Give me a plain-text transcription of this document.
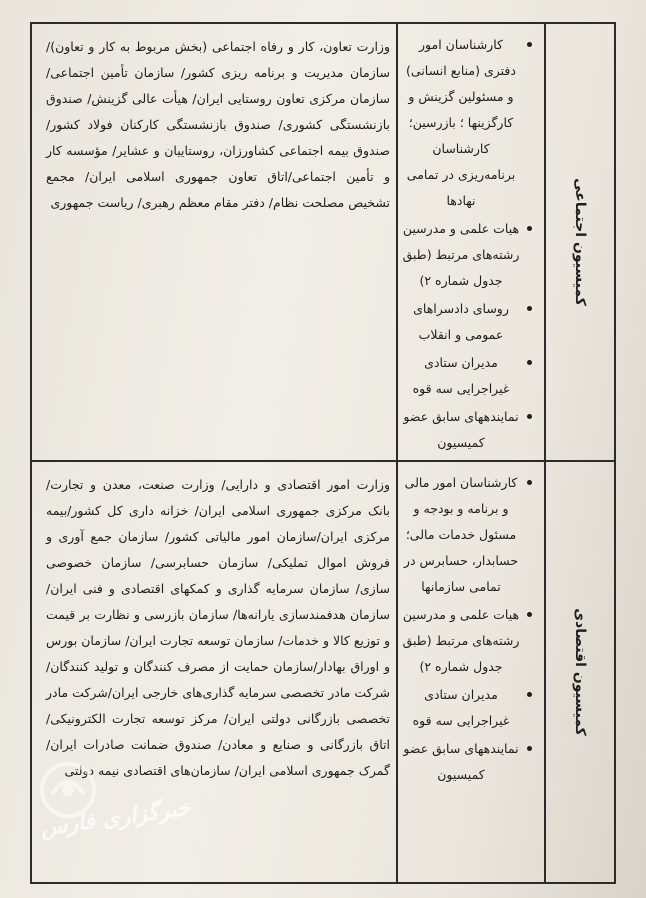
کمیسیون اجتماعی
کارشناسان امور دفتری (منابع انسانی) و مسئولین گزینش و کارگزینها ؛ بازرسین؛ کارشناسان برنامه‌ریزی در تمامی نهادها
هیات علمی و مدرسین رشته‌های مرتبط (طبق جدول شماره ۲)
روسای دادسراهای عمومی و انقلاب
مدیران ستادی غیراجرایی سه قوه
نمایندههای سابق عضو کمیسیون

وزارت تعاون، کار و رفاه اجتماعی (بخش مربوط به کار و تعاون)/ سازمان مدیریت و برنامه ریزی کشور/ سازمان تأمین اجتماعی/ سازمان مرکزی تعاون روستایی ایران/ هیأت عالی گزینش/ صندوق بازنشستگی کشوری/ صندوق بازنشستگی کارکنان فولاد کشور/صندوق بیمه اجتماعی کشاورزان، روستاییان و عشایر/ مؤسسه کار و تأمین اجتماعی/اتاق تعاون جمهوری اسلامی ایران/ مجمع تشخیص مصلحت نظام/ دفتر مقام معظم رهبری/ ریاست جمهوری

کمیسیون اقتصادی
کارشناسان امور مالی و برنامه و بودجه و مسئول خدمات مالی؛حسابدار، حسابرس در تمامی سازمانها
هیات علمی و مدرسین رشته‌های مرتبط (طبق جدول شماره ۲)
مدیران ستادی غیراجرایی سه قوه
نمایندههای سابق عضو کمیسیون

وزارت امور اقتصادی و دارایی/ وزارت صنعت، معدن و تجارت/ بانک مرکزی جمهوری اسلامی ایران/ خزانه داری کل کشور/بیمه مرکزی ایران/سازمان امور مالیاتی کشور/ سازمان جمع آوری و فروش اموال تملیکی/ سازمان حسابرسی/ سازمان خصوصی سازی/ سازمان سرمایه گذاری و کمکهای اقتصادی و فنی ایران/ سازمان هدفمندسازی یارانه‌ها/ سازمان بازرسی و نظارت بر قیمت و توزیع کالا و خدمات/ سازمان توسعه تجارت ایران/ سازمان بورس و اوراق بهادار/سازمان حمایت از مصرف کنندگان و تولید کنندگان/شرکت مادر تخصصی سرمایه گذاری‌های خارجی ایران/شرکت مادر تخصصی بازرگانی دولتی ایران/ مرکز توسعه تجارت الکترونیکی/ اتاق بازرگانی و صنایع و معادن/ صندوق ضمانت صادرات ایران/ گمرک جمهوری اسلامی ایران/ سازمان‌های اقتصادی نیمه دولتی

خبرگزاری فارس
